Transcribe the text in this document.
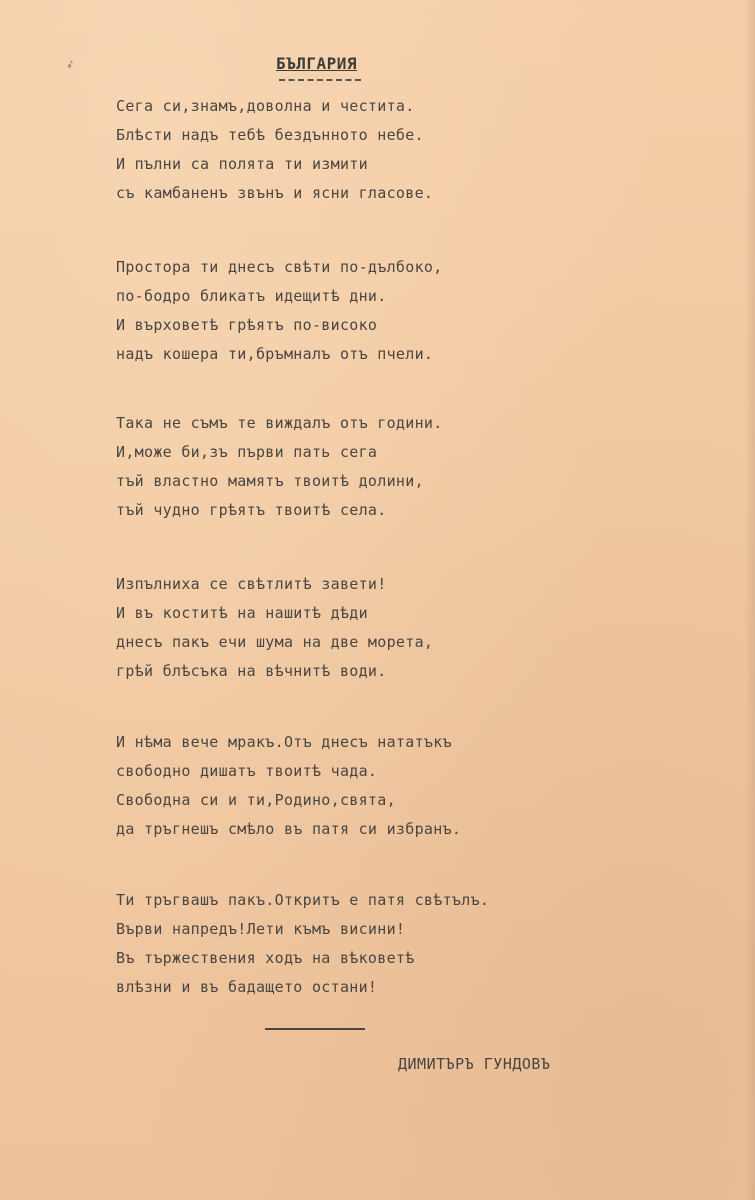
➶	БЪЛГАРИЯ
Сега си,знамъ,доволна и честита.
Блѣсти надъ тебѣ бездънното небе.
И пълни са полята ти измити
съ камбаненъ звънъ и ясни гласове.
Простора ти днесъ свѣти по-дълбоко,
по-бодро бликатъ идещитѣ дни.
И върховетѣ грѣятъ по-високо
надъ кошера ти,бръмналъ отъ пчели.
Така не съмъ те виждалъ отъ години.
И,може би,зъ първи пать сега
тъй властно мамятъ твоитѣ долини,
тъй чудно грѣятъ твоитѣ села.
Изпълниха се свѣтлитѣ завети!
И въ коститѣ на нашитѣ дѣди
днесъ пакъ ечи шума на две морета,
грѣй блѣсъка на вѣчнитѣ води.
И нѣма вече мракъ.Отъ днесъ нататъкъ
свободно дишатъ твоитѣ чада.
Свободна си и ти,Родино,свята,
да тръгнешъ смѣло въ патя си избранъ.
Ти тръгвашъ пакъ.Откритъ е патя свѣтълъ.
Върви напредъ!Лети къмъ висини!
Въ тържествения ходъ на вѣковетѣ
влѣзни и въ бадащето остани!
ДИМИТЪРЪ ГУНДОВЪ
